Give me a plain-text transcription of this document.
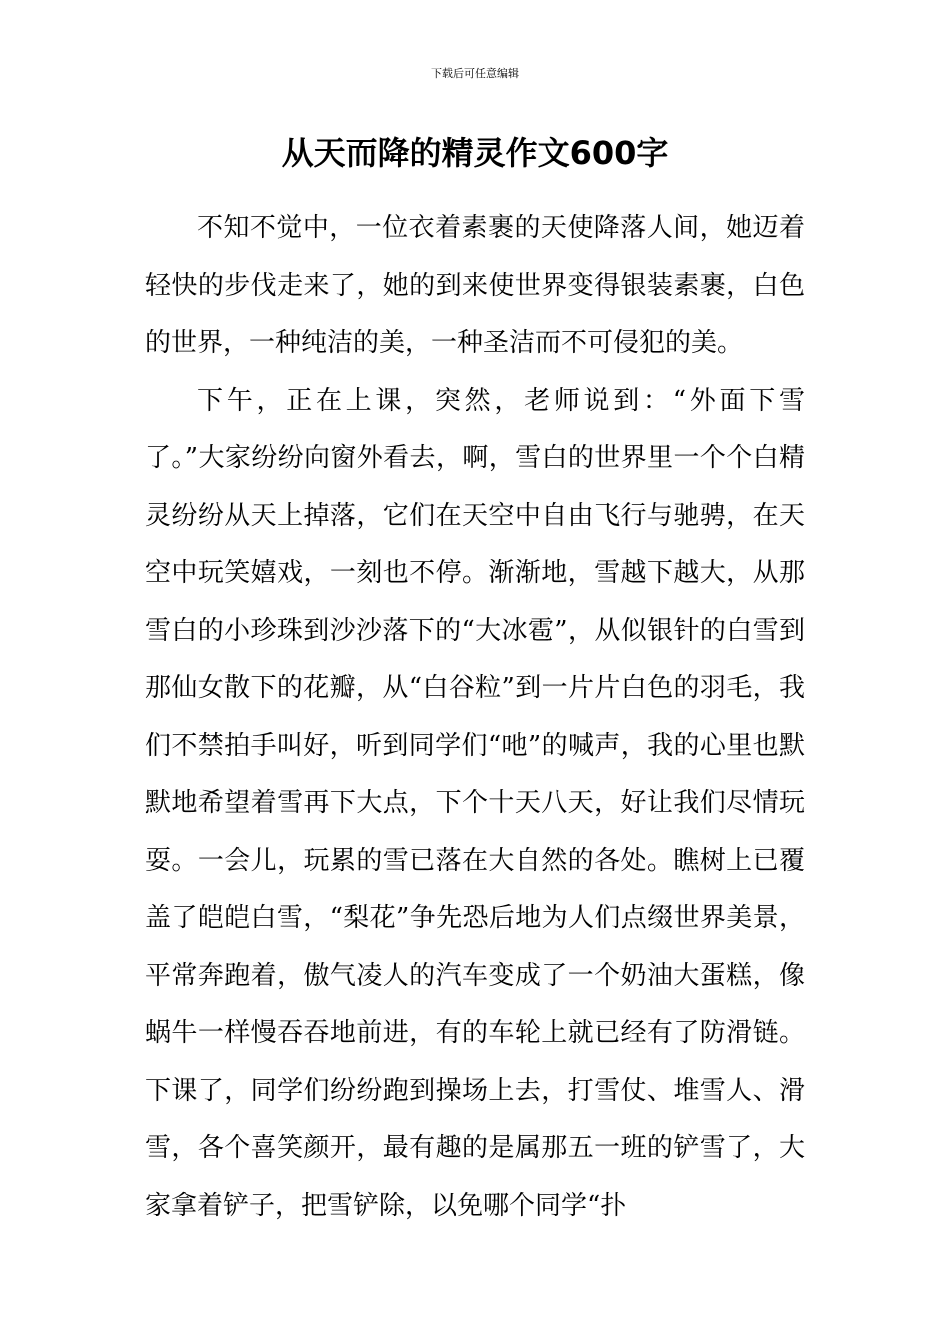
下载后可任意编辑
从天而降的精灵作文600字

不知不觉中，一位衣着素裹的天使降落人间，她迈着轻快的步伐走来了，她的到来使世界变得银装素裹，白色的世界，一种纯洁的美，一种圣洁而不可侵犯的美。

下午，正在上课，突然，老师说到：“外面下雪了。”大家纷纷向窗外看去，啊，雪白的世界里一个个白精灵纷纷从天上掉落，它们在天空中自由飞行与驰骋，在天空中玩笑嬉戏，一刻也不停。渐渐地，雪越下越大，从那雪白的小珍珠到沙沙落下的“大冰雹”，从似银针的白雪到那仙女散下的花瓣，从“白谷粒”到一片片白色的羽毛，我们不禁拍手叫好，听到同学们“吔”的喊声，我的心里也默默地希望着雪再下大点，下个十天八天，好让我们尽情玩耍。一会儿，玩累的雪已落在大自然的各处。瞧树上已覆盖了皑皑白雪，“梨花”争先恐后地为人们点缀世界美景，平常奔跑着，傲气凌人的汽车变成了一个奶油大蛋糕，像蜗牛一样慢吞吞地前进，有的车轮上就已经有了防滑链。下课了，同学们纷纷跑到操场上去，打雪仗、堆雪人、滑雪，各个喜笑颜开，最有趣的是属那五一班的铲雪了，大家拿着铲子，把雪铲除，以免哪个同学“扑
